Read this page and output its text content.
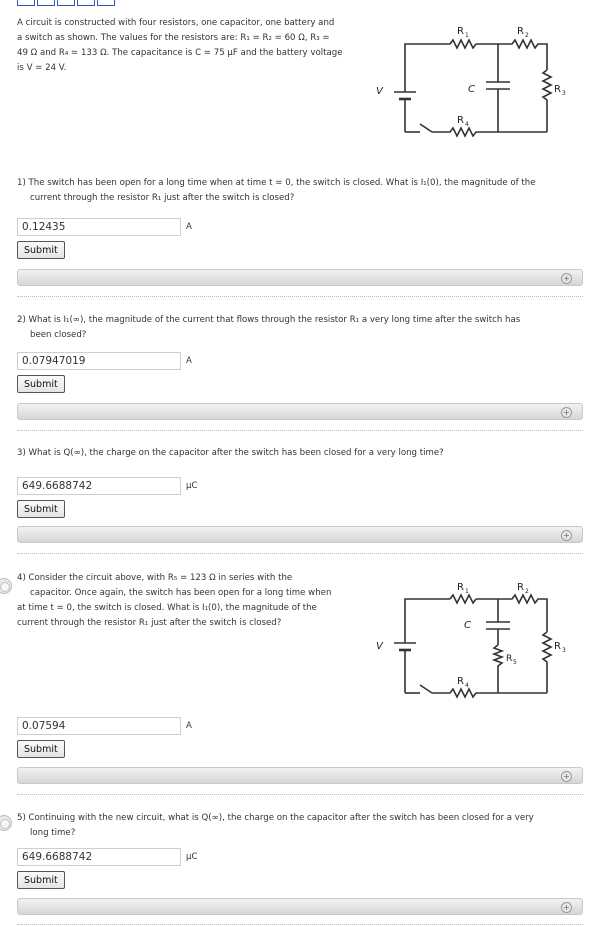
A circuit is constructed with four resistors, one capacitor, one battery and
a switch as shown. The values for the resistors are: R₁ = R₂ = 60 Ω, R₃ =
49 Ω and R₄ = 133 Ω. The capacitance is C = 75 μF and the battery voltage
is V = 24 V.
V	C
R 1	R 2
R 3
R 4
1) The switch has been open for a long time when at time t = 0, the switch is closed. What is I₁(0), the magnitude of the
current through the resistor R₁ just after the switch is closed?
0.12435
A
Submit
+
2) What is I₁(∞), the magnitude of the current that flows through the resistor R₁ a very long time after the switch has
been closed?
0.07947019
A
Submit
+
3) What is Q(∞), the charge on the capacitor after the switch has been closed for a very long time?
649.6688742
μC
Submit
+
4) Consider the circuit above, with R₅ = 123 Ω in series with the
capacitor. Once again, the switch has been open for a long time when
at time t = 0, the switch is closed. What is I₁(0), the magnitude of the
current through the resistor R₁ just after the switch is closed?
V
C
R 1	R 2
R 3
R 4
R 5
0.07594
A
Submit
+
5) Continuing with the new circuit, what is Q(∞), the charge on the capacitor after the switch has been closed for a very
long time?
649.6688742
μC
Submit
+
